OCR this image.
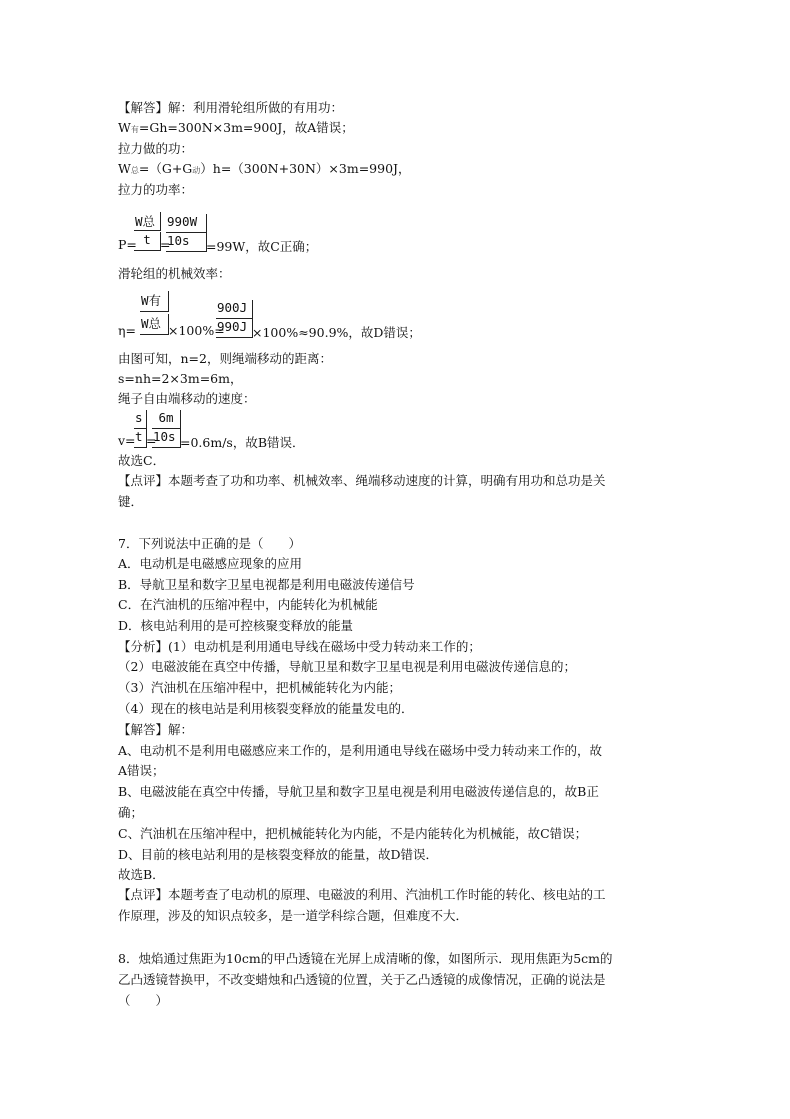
【解答】解：利用滑轮组所做的有用功：
W有=Gh=300N×3m=900J，故A错误；
拉力做的功：
W总=（G+G动）h=（300N+30N）×3m=990J，
拉力的功率：
P=
W总
t =
990W
10s	=99W，故C正确；
滑轮组的机械效率：
η=
W有
W总 ×100%=
900J
990J ×100%≈90.9%，故D错误；
由图可知，n=2，则绳端移动的距离：
s=nh=2×3m=6m，
绳子自由端移动的速度：
v=
s
t =
6m
10s =0.6m/s，故B错误．
故选C．
【点评】本题考查了功和功率、机械效率、绳端移动速度的计算，明确有用功和总功是关
键．
7．下列说法中正确的是（　　）
A．电动机是电磁感应现象的应用
B．导航卫星和数字卫星电视都是利用电磁波传递信号
C．在汽油机的压缩冲程中，内能转化为机械能
D．核电站利用的是可控核聚变释放的能量
【分析】(1）电动机是利用通电导线在磁场中受力转动来工作的；
（2）电磁波能在真空中传播，导航卫星和数字卫星电视是利用电磁波传递信息的；
（3）汽油机在压缩冲程中，把机械能转化为内能；
（4）现在的核电站是利用核裂变释放的能量发电的．
【解答】解：
A、电动机不是利用电磁感应来工作的，是利用通电导线在磁场中受力转动来工作的，故
A错误；
B、电磁波能在真空中传播，导航卫星和数字卫星电视是利用电磁波传递信息的，故B正
确；
C、汽油机在压缩冲程中，把机械能转化为内能，不是内能转化为机械能，故C错误；
D、目前的核电站利用的是核裂变释放的能量，故D错误．
故选B．
【点评】本题考查了电动机的原理、电磁波的利用、汽油机工作时能的转化、核电站的工
作原理，涉及的知识点较多，是一道学科综合题，但难度不大．
8．烛焰通过焦距为10cm的甲凸透镜在光屏上成清晰的像，如图所示．现用焦距为5cm的
乙凸透镜替换甲，不改变蜡烛和凸透镜的位置，关于乙凸透镜的成像情况，正确的说法是
（　　）
